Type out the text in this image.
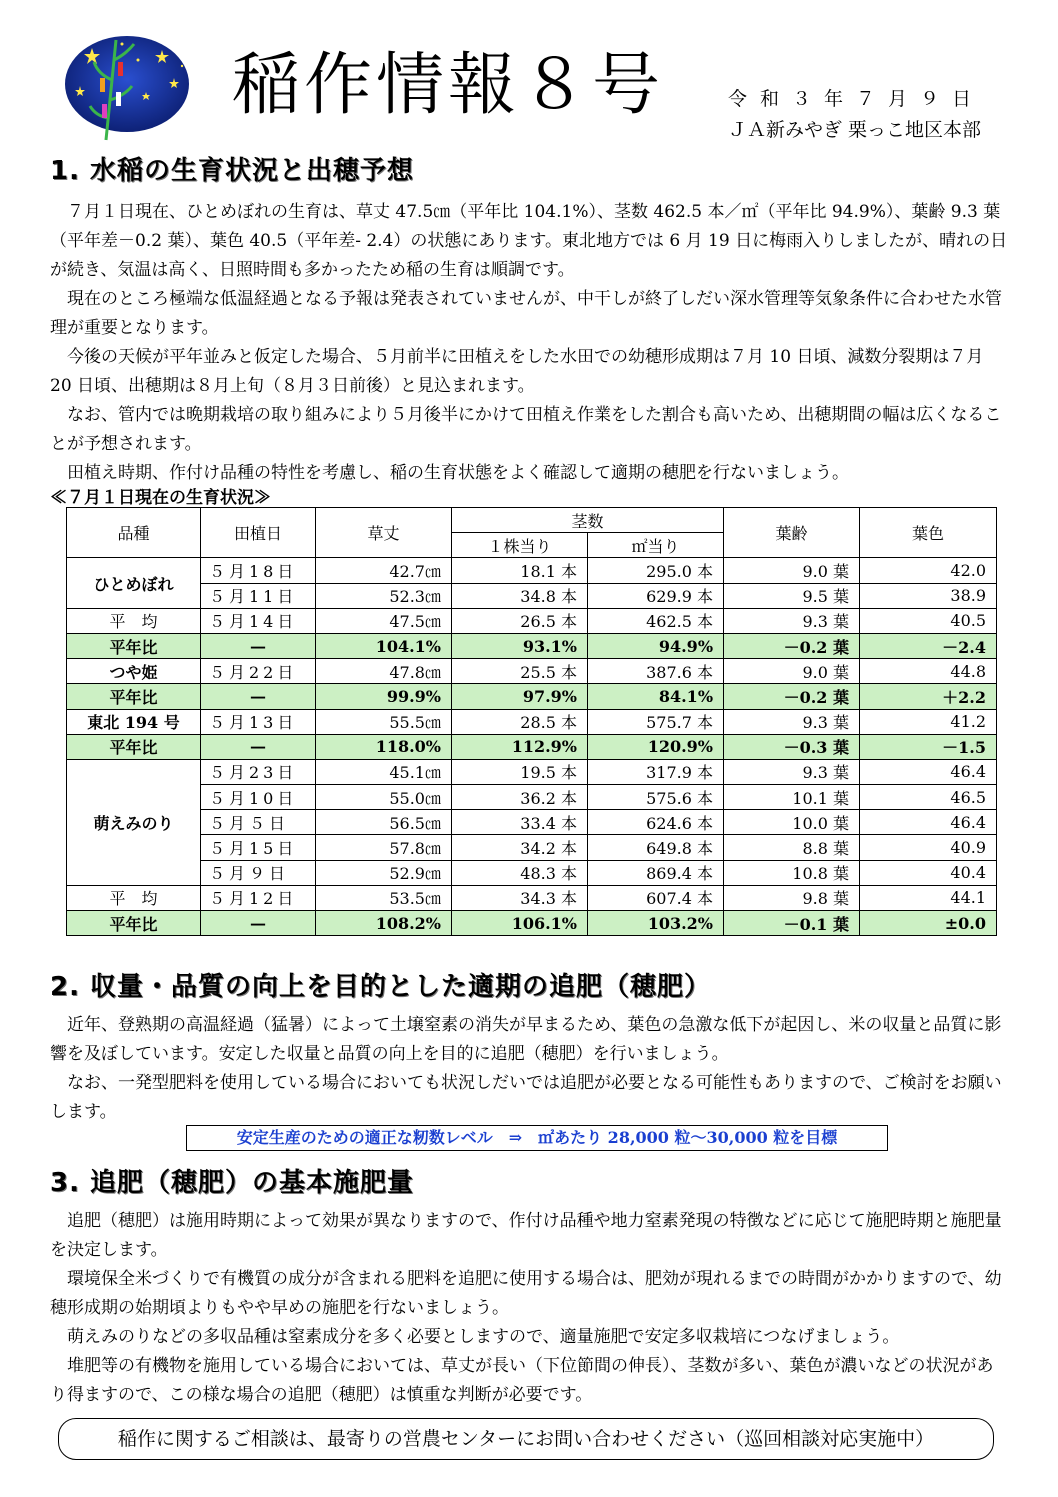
稲作情報８号	令和３年７月９日
ＪＡ新みやぎ 栗っこ地区本部
1. 水稲の生育状況と出穂予想

７月１日現在、ひとめぼれの生育は、草丈 47.5㎝（平年比 104.1%）、茎数 462.5 本／㎡（平年比 94.9%）、葉齢 9.3 葉（平年差－0.2 葉）、葉色 40.5（平年差- 2.4）の状態にあります。東北地方では 6 月 19 日に梅雨入りしましたが、晴れの日が続き、気温は高く、日照時間も多かったため稲の生育は順調です。

現在のところ極端な低温経過となる予報は発表されていませんが、中干しが終了しだい深水管理等気象条件に合わせた水管理が重要となります。

今後の天候が平年並みと仮定した場合、５月前半に田植えをした水田での幼穂形成期は７月 10 日頃、減数分裂期は７月 20 日頃、出穂期は８月上旬（８月３日前後）と見込まれます。

なお、管内では晩期栽培の取り組みにより５月後半にかけて田植え作業をした割合も高いため、出穂期間の幅は広くなることが予想されます。

田植え時期、作付け品種の特性を考慮し、稲の生育状態をよく確認して適期の穂肥を行ないましょう。

≪７月１日現在の生育状況≫
品種	田植日	草丈	茎数		葉齢	葉色
			１株当り	㎡当り		
ひとめぼれ	５月18日	42.7㎝	18.1 本	295.0 本	9.0 葉	42.0
	５月11日	52.3㎝	34.8 本	629.9 本	9.5 葉	38.9
平　均	５月14日	47.5㎝	26.5 本	462.5 本	9.3 葉	40.5
平年比	—	104.1%	93.1%	94.9%	－0.2 葉	－2.4
つや姫	５月22日	47.8㎝	25.5 本	387.6 本	9.0 葉	44.8
平年比	—	99.9%	97.9%	84.1%	－0.2 葉	＋2.2
東北 194 号	５月13日	55.5㎝	28.5 本	575.7 本	9.3 葉	41.2
平年比	—	118.0%	112.9%	120.9%	－0.3 葉	－1.5
萌えみのり	５月23日	45.1㎝	19.5 本	317.9 本	9.3 葉	46.4
	５月10日	55.0㎝	36.2 本	575.6 本	10.1 葉	46.5
	５月５日	56.5㎝	33.4 本	624.6 本	10.0 葉	46.4
	５月15日	57.8㎝	34.2 本	649.8 本	8.8 葉	40.9
	５月９日	52.9㎝	48.3 本	869.4 本	10.8 葉	40.4
平　均	５月12日	53.5㎝	34.3 本	607.4 本	9.8 葉	44.1
平年比	—	108.2%	106.1%	103.2%	－0.1 葉	±0.0
2. 収量・品質の向上を目的とした適期の追肥（穂肥）

近年、登熟期の高温経過（猛暑）によって土壌窒素の消失が早まるため、葉色の急激な低下が起因し、米の収量と品質に影響を及ぼしています。安定した収量と品質の向上を目的に追肥（穂肥）を行いましょう。

なお、一発型肥料を使用している場合においても状況しだいでは追肥が必要となる可能性もありますので、ご検討をお願いします。

安定生産のための適正な籾数レベル　⇒　㎡あたり 28,000 粒～30,000 粒を目標
3. 追肥（穂肥）の基本施肥量

追肥（穂肥）は施用時期によって効果が異なりますので、作付け品種や地力窒素発現の特徴などに応じて施肥時期と施肥量を決定します。

環境保全米づくりで有機質の成分が含まれる肥料を追肥に使用する場合は、肥効が現れるまでの時間がかかりますので、幼穂形成期の始期頃よりもやや早めの施肥を行ないましょう。

萌えみのりなどの多収品種は窒素成分を多く必要としますので、適量施肥で安定多収栽培につなげましょう。

堆肥等の有機物を施用している場合においては、草丈が長い（下位節間の伸長）、茎数が多い、葉色が濃いなどの状況があり得ますので、この様な場合の追肥（穂肥）は慎重な判断が必要です。

稲作に関するご相談は、最寄りの営農センターにお問い合わせください（巡回相談対応実施中）
